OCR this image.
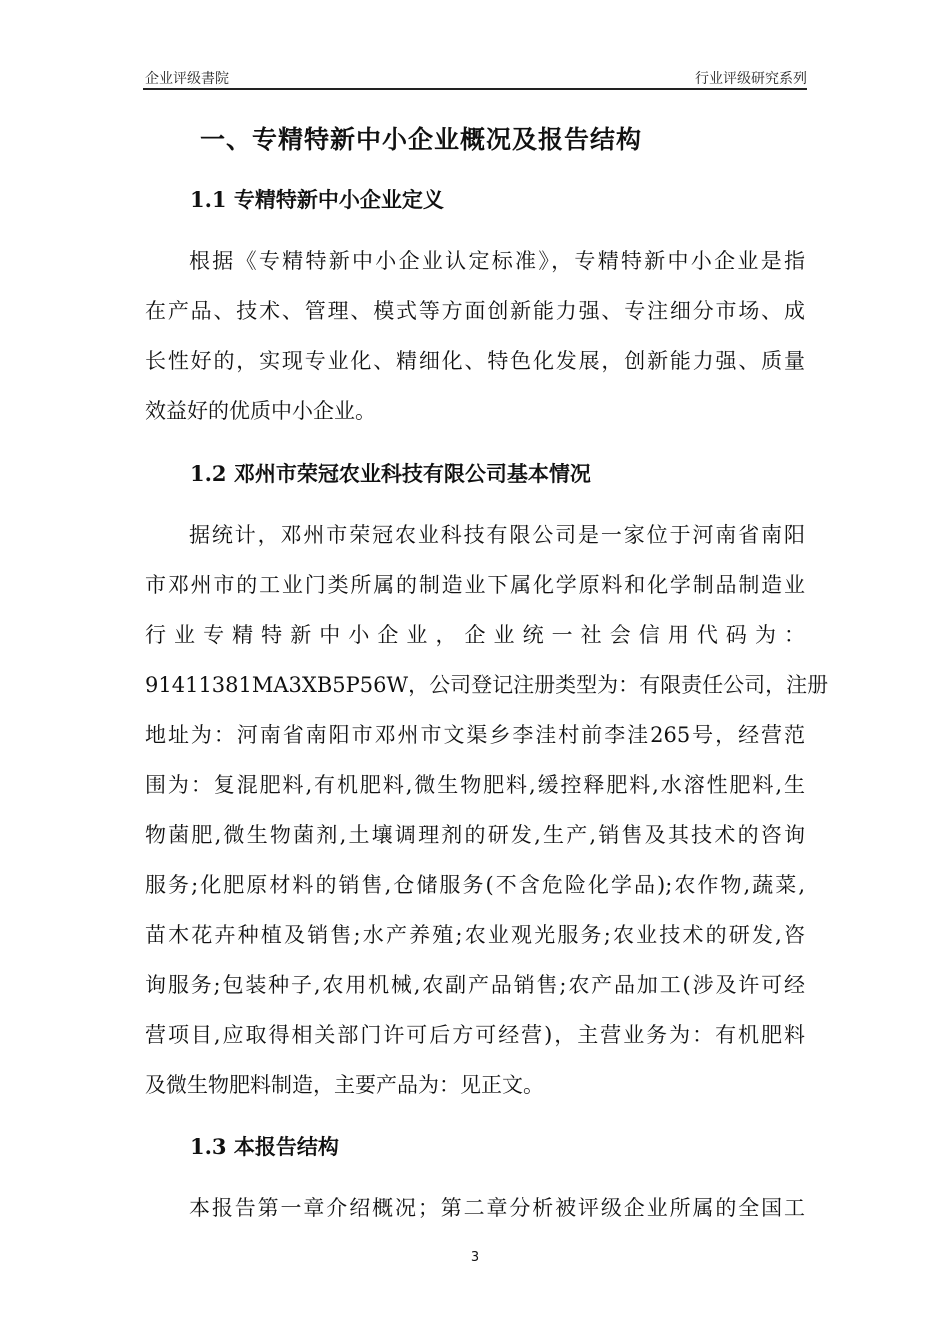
企业评级書院	行业评级研究系列
一、专精特新中小企业概况及报告结构
1.1 专精特新中小企业定义
根据《专精特新中小企业认定标准》，专精特新中小企业是指
在产品、技术、管理、模式等方面创新能力强、专注细分市场、成
长性好的，实现专业化、精细化、特色化发展，创新能力强、质量
效益好的优质中小企业。
1.2 邓州市荣冠农业科技有限公司基本情况
据统计，邓州市荣冠农业科技有限公司是一家位于河南省南阳
市邓州市的工业门类所属的制造业下属化学原料和化学制品制造业
行业专精特新中小企业，企业统一社会信用代码为：
91411381MA3XB5P56W，公司登记注册类型为：有限责任公司，注册
地址为：河南省南阳市邓州市文渠乡李洼村前李洼265号，经营范
围为：复混肥料,有机肥料,微生物肥料,缓控释肥料,水溶性肥料,生
物菌肥,微生物菌剂,土壤调理剂的研发,生产,销售及其技术的咨询
服务;化肥原材料的销售,仓储服务(不含危险化学品);农作物,蔬菜,
苗木花卉种植及销售;水产养殖;农业观光服务;农业技术的研发,咨
询服务;包装种子,农用机械,农副产品销售;农产品加工(涉及许可经
营项目,应取得相关部门许可后方可经营)，主营业务为：有机肥料
及微生物肥料制造，主要产品为：见正文。
1.3 本报告结构
本报告第一章介绍概况；第二章分析被评级企业所属的全国工
3
